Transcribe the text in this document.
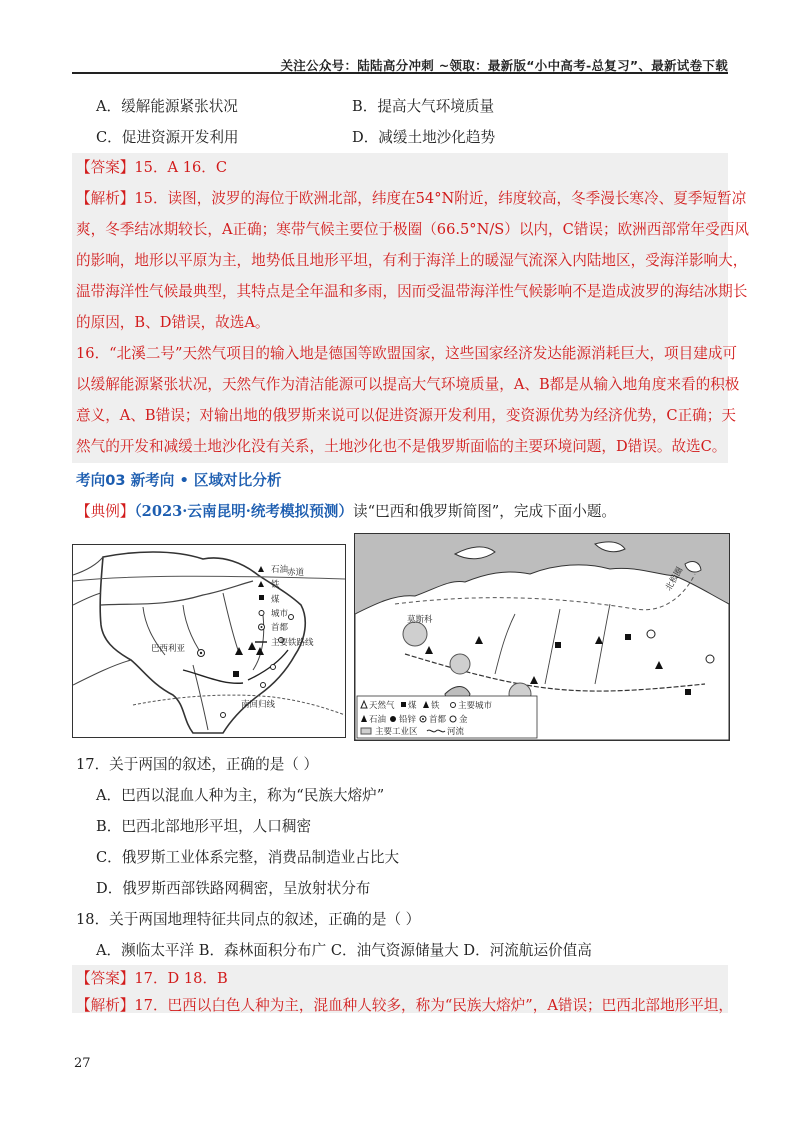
关注公众号：陆陆高分冲刺 ~领取：最新版“小中高考-总复习”、最新试卷下载
A．缓解能源紧张状况	B．提高大气环境质量
C．促进资源开发利用	D．减缓土地沙化趋势
【答案】15．A 16．C
【解析】15．读图，波罗的海位于欧洲北部，纬度在54°N附近，纬度较高，冬季漫长寒冷、夏季短暂凉
爽，冬季结冰期较长，A正确；寒带气候主要位于极圈（66.5°N/S）以内，C错误；欧洲西部常年受西风
的影响，地形以平原为主，地势低且地形平坦，有利于海洋上的暖湿气流深入内陆地区，受海洋影响大，
温带海洋性气候最典型，其特点是全年温和多雨，因而受温带海洋性气候影响不是造成波罗的海结冰期长
的原因，B、D错误，故选A。
16．“北溪二号”天然气项目的输入地是德国等欧盟国家，这些国家经济发达能源消耗巨大，项目建成可
以缓解能源紧张状况，天然气作为清洁能源可以提高大气环境质量，A、B都是从输入地角度来看的积极
意义，A、B错误；对输出地的俄罗斯来说可以促进资源开发利用，变资源优势为经济优势，C正确；天
然气的开发和减缓土地沙化没有关系，土地沙化也不是俄罗斯面临的主要环境问题，D错误。故选C。
考向03 新考向 • 区域对比分析
【典例】（2023·云南昆明·统考模拟预测）读“巴西和俄罗斯简图”，完成下面小题。
赤道
南回归线
巴西利亚
石油
铁
煤
城市
首都
主要铁路线
北极圈
莫斯科
天然气 煤 铁 主要城市
石油 铅锌 首都 金
主要工业区	河流
17．关于两国的叙述，正确的是（ ）
A．巴西以混血人种为主，称为“民族大熔炉”
B．巴西北部地形平坦，人口稠密
C．俄罗斯工业体系完整，消费品制造业占比大
D．俄罗斯西部铁路网稠密，呈放射状分布
18．关于两国地理特征共同点的叙述，正确的是（ ）
A．濒临太平洋 B．森林面积分布广 C．油气资源储量大 D．河流航运价值高
【答案】17．D 18．B
【解析】17．巴西以白色人种为主，混血种人较多，称为“民族大熔炉”，A错误；巴西北部地形平坦，
27
